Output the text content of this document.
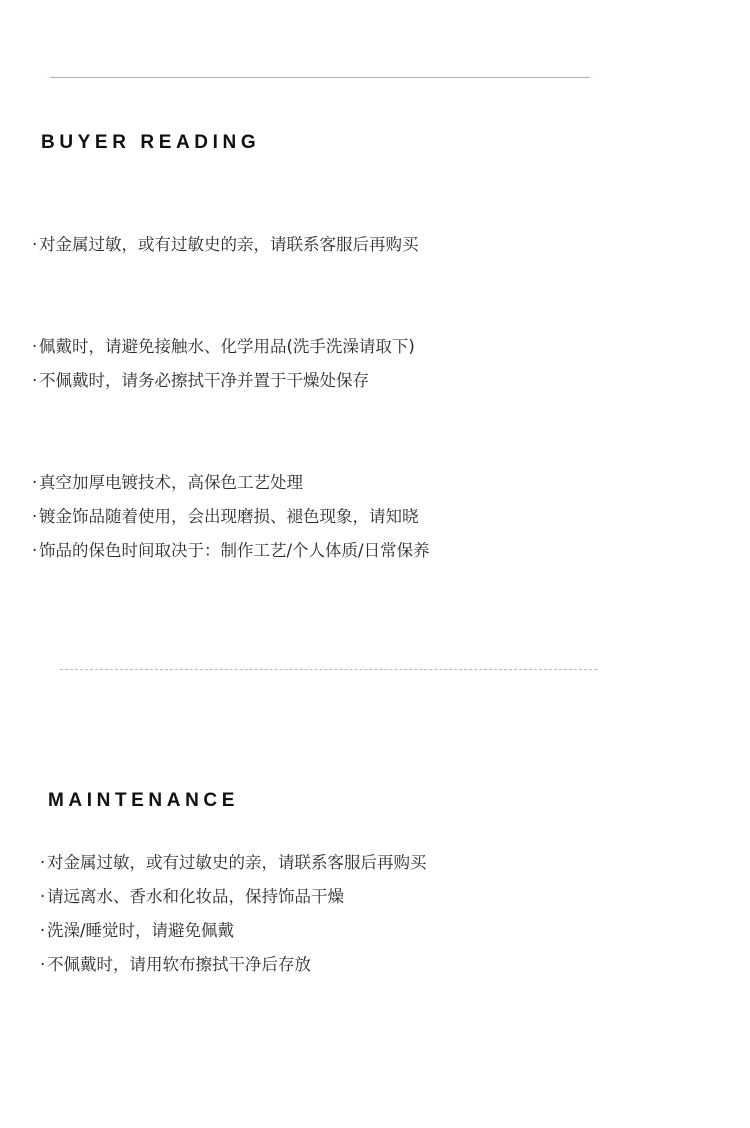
BUYER READING
· 对金属过敏，或有过敏史的亲，请联系客服后再购买
· 佩戴时，请避免接触水、化学用品(洗手洗澡请取下)
· 不佩戴时，请务必擦拭干净并置于干燥处保存
· 真空加厚电镀技术，高保色工艺处理
· 镀金饰品随着使用，会出现磨损、褪色现象，请知晓
· 饰品的保色时间取决于：制作工艺/个人体质/日常保养
MAINTENANCE
· 对金属过敏，或有过敏史的亲，请联系客服后再购买
· 请远离水、香水和化妆品，保持饰品干燥
· 洗澡/睡觉时，请避免佩戴
· 不佩戴时，请用软布擦拭干净后存放
